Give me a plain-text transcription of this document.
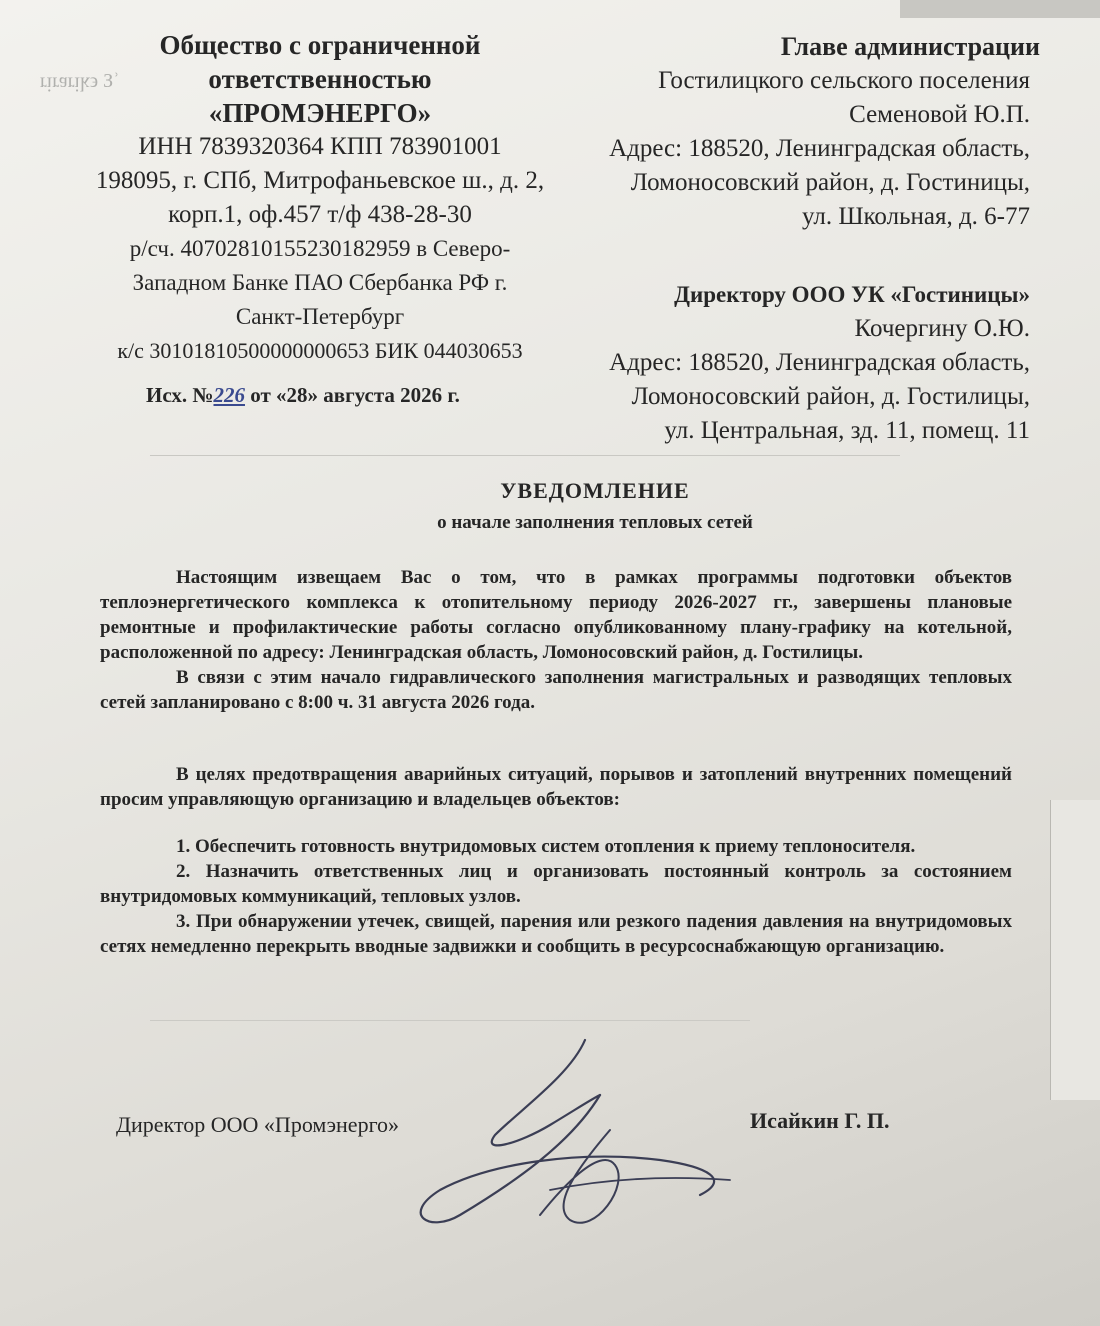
ʿ᠎Ɛ ϵʞᴉɹɐɹᴉɹ
Общество с ограниченной
ответственностью
«ПРОМЭНЕРГО»
ИНН 7839320364 КПП 783901001
198095, г. СПб, Митрофаньевское ш., д. 2,
корп.1, оф.457 т/ф 438-28-30
р/сч. 40702810155230182959 в Северо-
Западном Банке ПАО Сбербанка РФ г.
Санкт-Петербург
к/с 30101810500000000653 БИК 044030653
Исх. №226 от «28» августа 2026 г.
Главе администрации
Гостилицкого сельского поселения
Семеновой Ю.П.
Адрес: 188520, Ленинградская область,
Ломоносовский район, д. Гостиницы,
ул. Школьная, д. 6-77
Директору ООО УК «Гостиницы»
Кочергину О.Ю.
Адрес: 188520, Ленинградская область,
Ломоносовский район, д. Гостилицы,
ул. Центральная, зд. 11, помещ. 11
УВЕДОМЛЕНИЕ
о начале заполнения тепловых сетей

Настоящим извещаем Вас о том, что в рамках программы подготовки объектов теплоэнергетического комплекса к отопительному периоду 2026-2027 гг., завершены плановые ремонтные и профилактические работы согласно опубликованному плану-графику на котельной, расположенной по адресу: Ленинградская область, Ломоносовский район, д. Гостилицы.

В связи с этим начало гидравлического заполнения магистральных и разводящих тепловых сетей запланировано с 8:00 ч. 31 августа 2026 года.

В целях предотвращения аварийных ситуаций, порывов и затоплений внутренних помещений просим управляющую организацию и владельцев объектов:

1. Обеспечить готовность внутридомовых систем отопления к приему теплоносителя.

2. Назначить ответственных лиц и организовать постоянный контроль за состоянием внутридомовых коммуникаций, тепловых узлов.

3. При обнаружении утечек, свищей, парения или резкого падения давления на внутридомовых сетях немедленно перекрыть вводные задвижки и сообщить в ресурсоснабжающую организацию.

Директор ООО «Промэнерго»	Исайкин Г. П.
